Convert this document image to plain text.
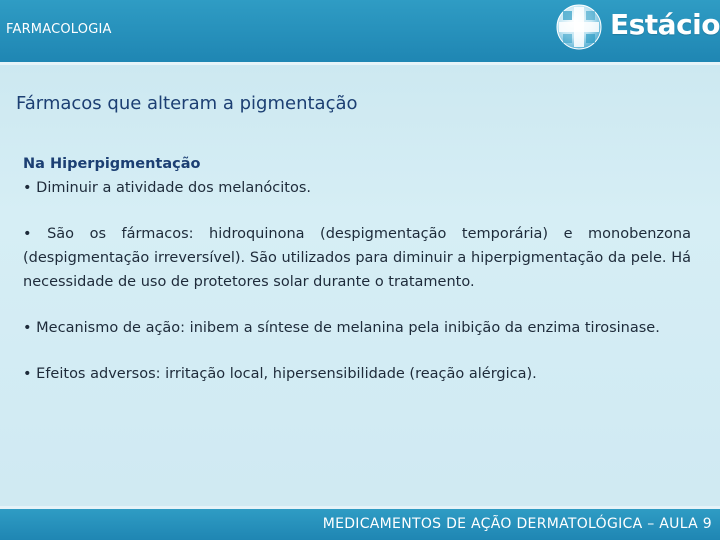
FARMACOLOGIA	Estácio
Fármacos que alteram a pigmentação

Na Hiperpigmentação

• Diminuir a atividade dos melanócitos.

• São os fármacos: hidroquinona (despigmentação temporária) e monobenzona (despigmentação irreversível). São utilizados para diminuir a hiperpigmentação da pele. Há necessidade de uso de protetores solar durante o tratamento.

• Mecanismo de ação: inibem a síntese de melanina pela inibição da enzima tirosinase.

• Efeitos adversos: irritação local, hipersensibilidade (reação alérgica).

MEDICAMENTOS DE AÇÃO DERMATOLÓGICA – AULA 9
